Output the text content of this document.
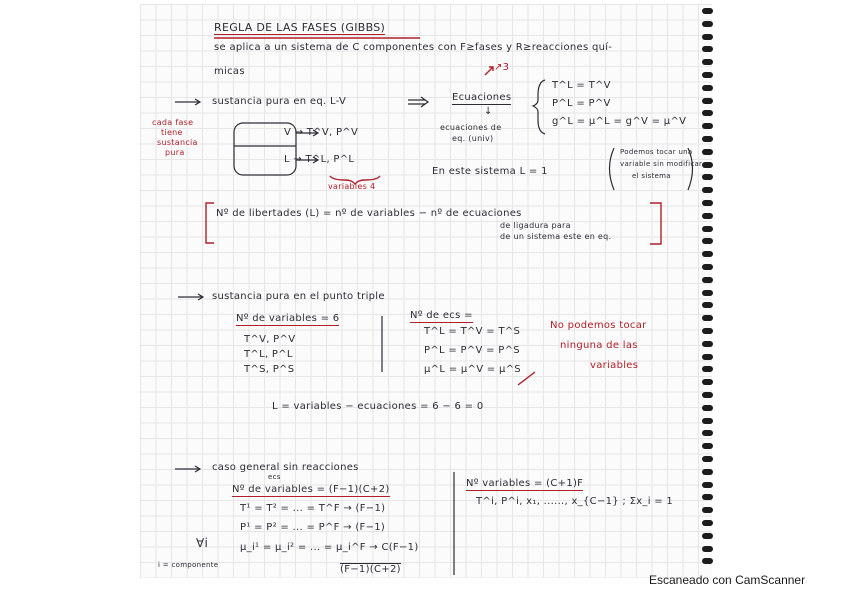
REGLA DE LAS FASES (GIBBS)
se aplica a un sistema de C componentes con F≥fases y R≥reacciones quí-
micas
sustancia pura en eq. L-V	Ecuaciones
↓
↗3
ecuaciones de
eq. (univ)
T^L = T^V
P^L = P^V
g^L = μ^L = g^V = μ^V
cada fase
tiene
sustancia
pura
V → T^V, P^V
L → T^L, P^L
variables 4
En este sistema L = 1
Podemos tocar una
variable sin modificar
el sistema
Nº de libertades (L) = nº de variables − nº de ecuaciones
de ligadura para
de un sistema este en eq.
sustancia pura en el punto triple
Nº de variables = 6
T^V, P^V
T^L, P^L
T^S, P^S
Nº de ecs =
T^L = T^V = T^S
P^L = P^V = P^S
μ^L = μ^V = μ^S
No podemos tocar
ninguna de las
variables
L = variables − ecuaciones = 6 − 6 = 0
caso general sin reacciones
ecs
Nº de variables = (F−1)(C+2)
T¹ = T² = ... = T^F → (F−1)
P¹ = P² = ... = P^F → (F−1)
μ_i¹ = μ_i² = ... = μ_i^F → C(F−1)
(F−1)(C+2)
∀i
i = componente
Nº variables = (C+1)F
T^i, P^i, x₁, ......, x_{C−1} ; Σx_i = 1
Escaneado con CamScanner
